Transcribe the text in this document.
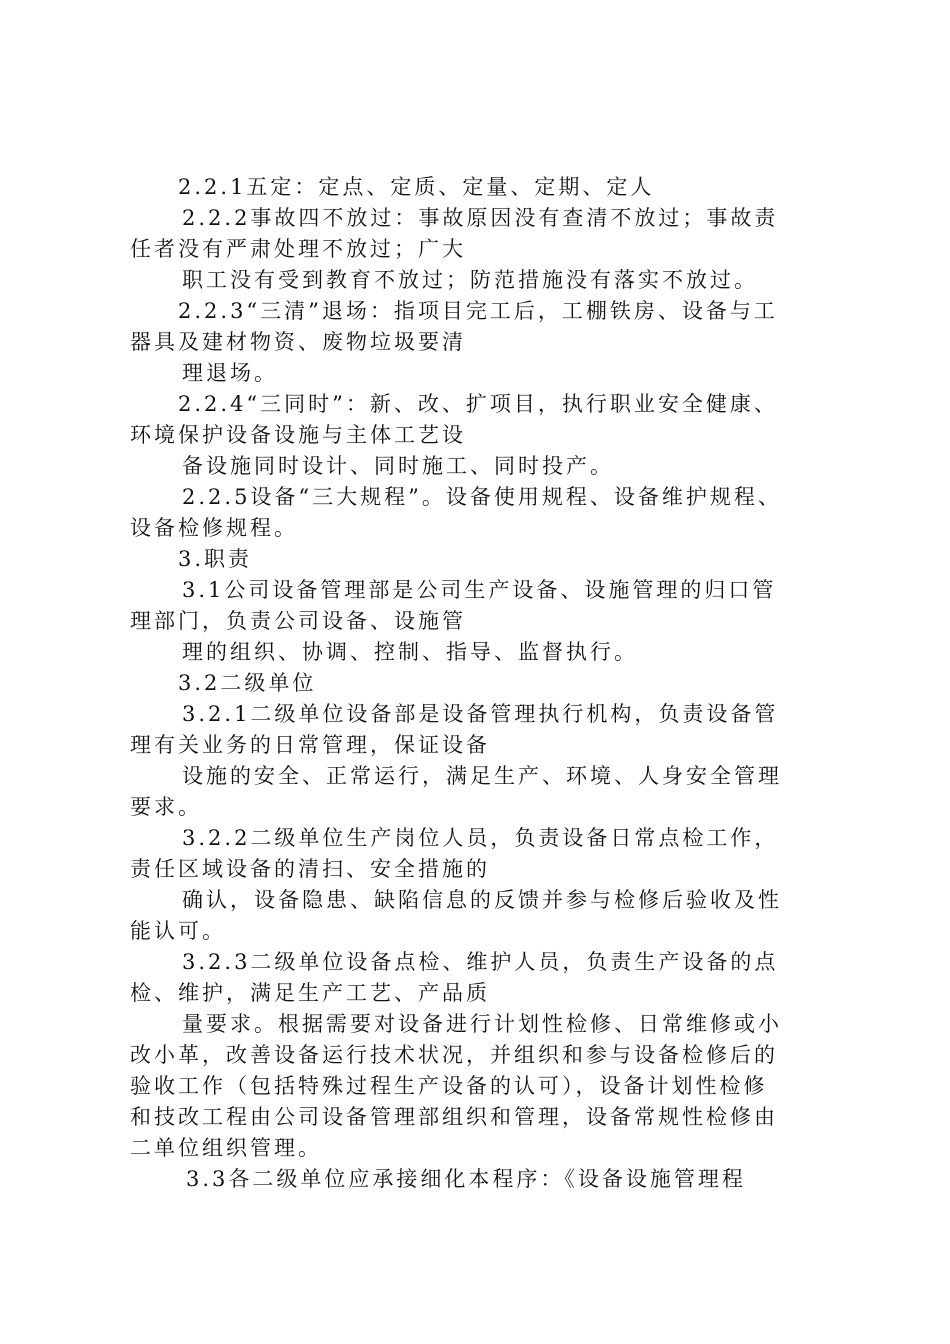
2.2.1五定：定点、定质、定量、定期、定人
2.2.2事故四不放过：事故原因没有查清不放过；事故责
任者没有严肃处理不放过；广大
职工没有受到教育不放过；防范措施没有落实不放过。
2.2.3“三清”退场：指项目完工后，工棚铁房、设备与工
器具及建材物资、废物垃圾要清
理退场。
2.2.4“三同时”：新、改、扩项目，执行职业安全健康、
环境保护设备设施与主体工艺设
备设施同时设计、同时施工、同时投产。
2.2.5设备“三大规程”。设备使用规程、设备维护规程、
设备检修规程。
3.职责
3.1公司设备管理部是公司生产设备、设施管理的归口管
理部门，负责公司设备、设施管
理的组织、协调、控制、指导、监督执行。
3.2二级单位
3.2.1二级单位设备部是设备管理执行机构，负责设备管
理有关业务的日常管理，保证设备
设施的安全、正常运行，满足生产、环境、人身安全管理
要求。
3.2.2二级单位生产岗位人员，负责设备日常点检工作，
责任区域设备的清扫、安全措施的
确认，设备隐患、缺陷信息的反馈并参与检修后验收及性
能认可。
3.2.3二级单位设备点检、维护人员，负责生产设备的点
检、维护，满足生产工艺、产品质
量要求。根据需要对设备进行计划性检修、日常维修或小
改小革，改善设备运行技术状况，并组织和参与设备检修后的
验收工作（包括特殊过程生产设备的认可），设备计划性检修
和技改工程由公司设备管理部组织和管理，设备常规性检修由
二单位组织管理。
3.3各二级单位应承接细化本程序：《设备设施管理程
